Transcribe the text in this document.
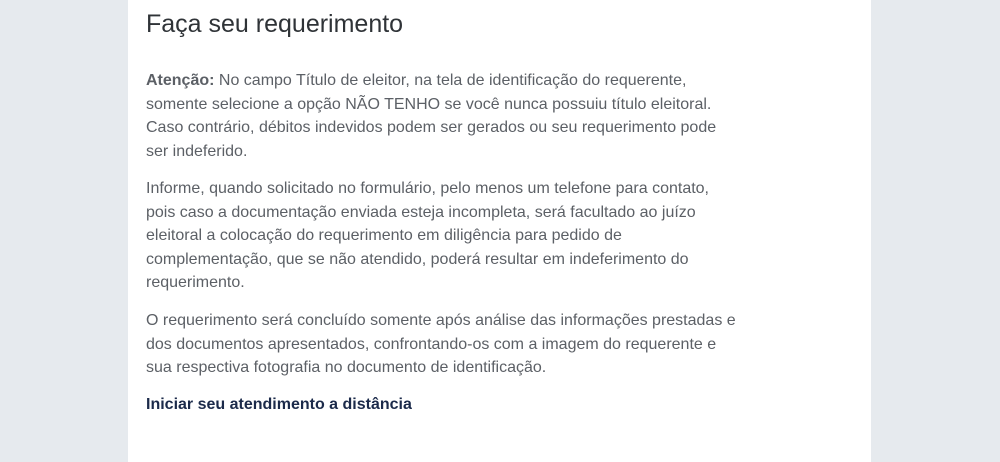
Faça seu requerimento

Atenção: No campo Título de eleitor, na tela de identificação do requerente, somente selecione a opção NÃO TENHO se você nunca possuiu título eleitoral. Caso contrário, débitos indevidos podem ser gerados ou seu requerimento pode ser indeferido.

Informe, quando solicitado no formulário, pelo menos um telefone para contato, pois caso a documentação enviada esteja incompleta, será facultado ao juízo eleitoral a colocação do requerimento em diligência para pedido de complementação, que se não atendido, poderá resultar em indeferimento do requerimento.

O requerimento será concluído somente após análise das informações prestadas e dos documentos apresentados, confrontando-os com a imagem do requerente e sua respectiva fotografia no documento de identificação.

Iniciar seu atendimento a distância
